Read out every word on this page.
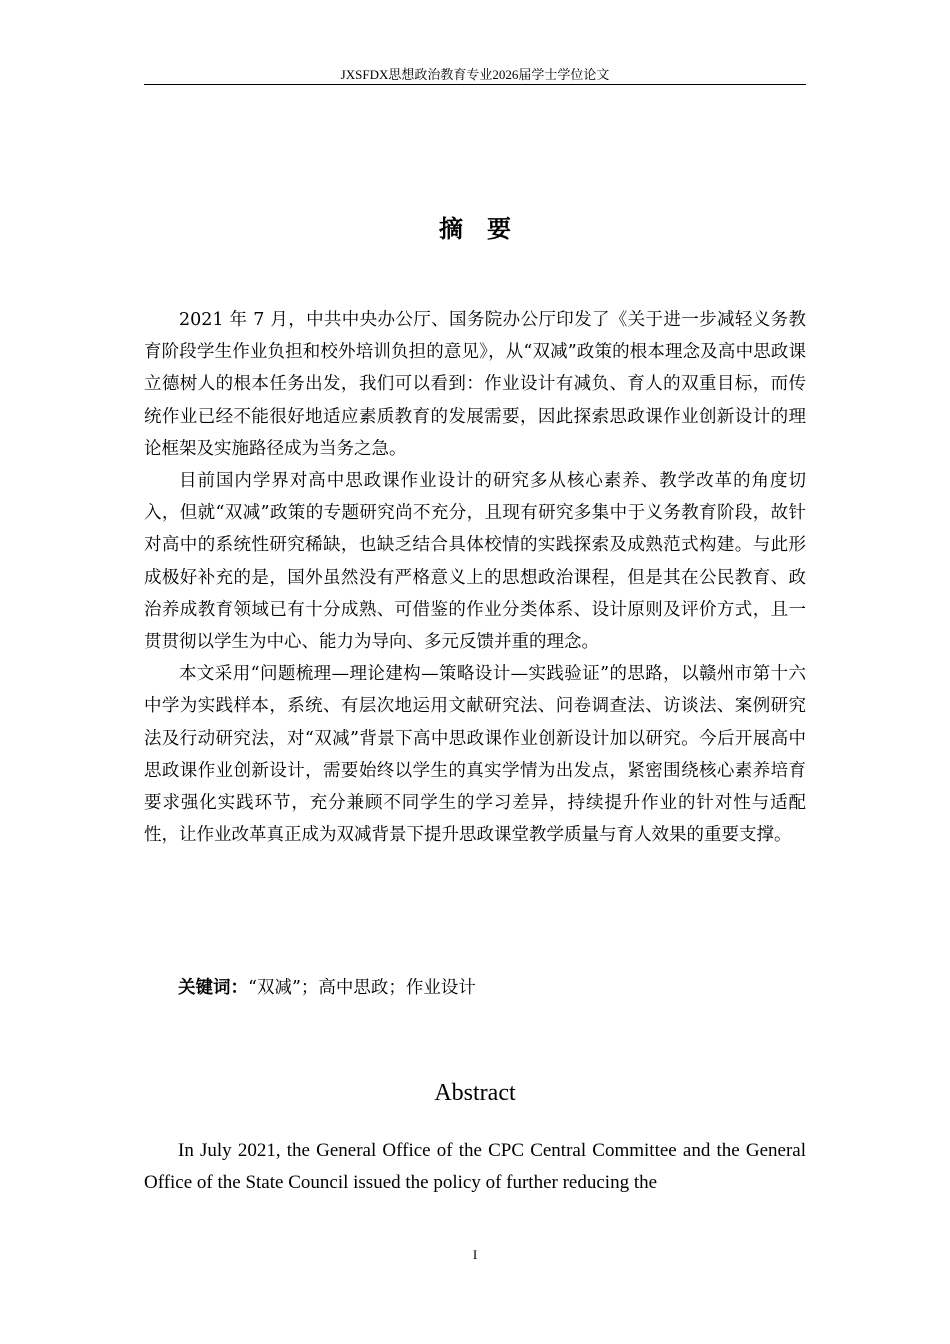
JXSFDX思想政治教育专业2026届学士学位论文
摘要

2021 年 7 月，中共中央办公厅、国务院办公厅印发了《关于进一步减轻义务教育阶段学生作业负担和校外培训负担的意见》，从“双减”政策的根本理念及高中思政课立德树人的根本任务出发，我们可以看到：作业设计有减负、育人的双重目标，而传统作业已经不能很好地适应素质教育的发展需要，因此探索思政课作业创新设计的理论框架及实施路径成为当务之急。

目前国内学界对高中思政课作业设计的研究多从核心素养、教学改革的角度切入，但就“双减”政策的专题研究尚不充分，且现有研究多集中于义务教育阶段，故针对高中的系统性研究稀缺，也缺乏结合具体校情的实践探索及成熟范式构建。与此形成极好补充的是，国外虽然没有严格意义上的思想政治课程，但是其在公民教育、政治养成教育领域已有十分成熟、可借鉴的作业分类体系、设计原则及评价方式，且一贯贯彻以学生为中心、能力为导向、多元反馈并重的理念。

本文采用“问题梳理—理论建构—策略设计—实践验证”的思路，以赣州市第十六中学为实践样本，系统、有层次地运用文献研究法、问卷调查法、访谈法、案例研究法及行动研究法，对“双减”背景下高中思政课作业创新设计加以研究。今后开展高中思政课作业创新设计，需要始终以学生的真实学情为出发点，紧密围绕核心素养培育要求强化实践环节，充分兼顾不同学生的学习差异，持续提升作业的针对性与适配性，让作业改革真正成为双减背景下提升思政课堂教学质量与育人效果的重要支撑。

关键词：“双减”；高中思政；作业设计
Abstract

In July 2021, the General Office of the CPC Central Committee and the General Office of the State Council issued the policy of further reducing the

I
